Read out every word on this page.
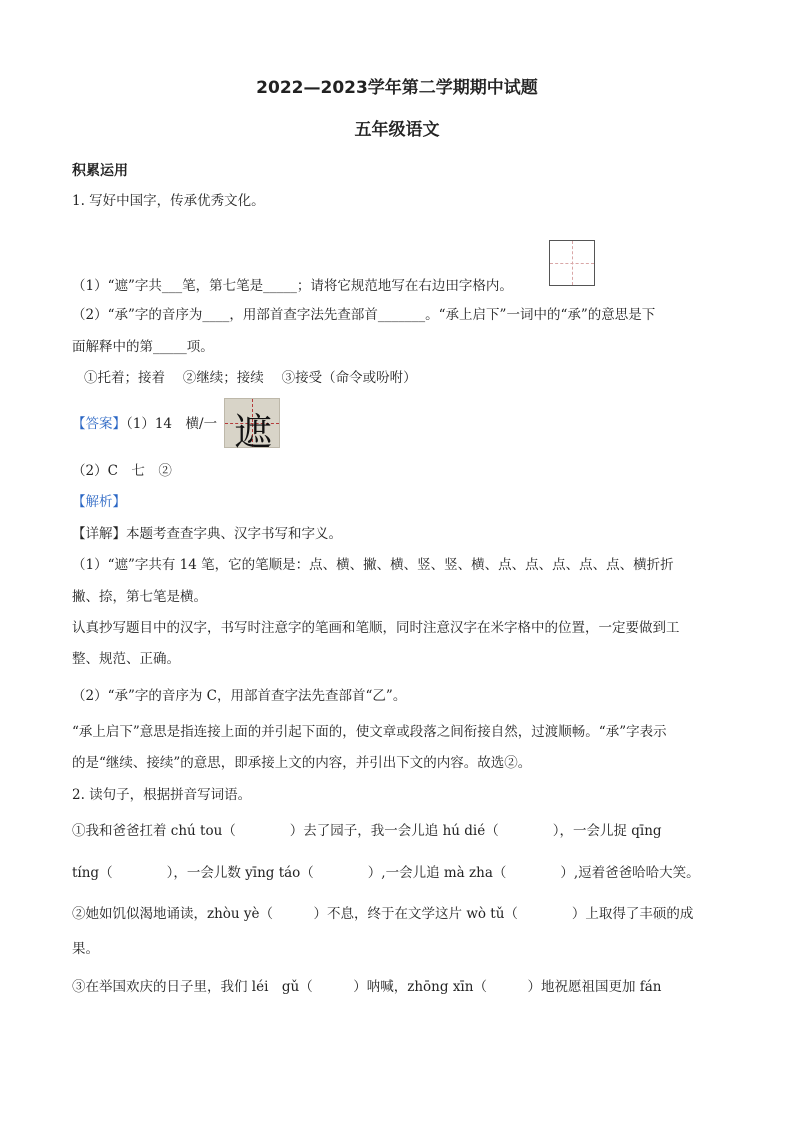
2022—2023学年第二学期期中试题
五年级语文
积累运用
1. 写好中国字，传承优秀文化。
（1）“遮”字共___笔，第七笔是_____；请将它规范地写在右边田字格内。
（2）“承”字的音序为____，用部首查字法先查部首_______。“承上启下”一词中的“承”的意思是下
面解释中的第_____项。
①托着；接着　 ②继续；接续　 ③接受（命令或吩咐）
【答案】（1）14　横/一 遮
（2）C　七　②
【解析】
【详解】本题考查查字典、汉字书写和字义。
（1）“遮”字共有 14 笔，它的笔顺是：点、横、撇、横、竖、竖、横、点、点、点、点、点、横折折
撇、捺，第七笔是横。
认真抄写题目中的汉字，书写时注意字的笔画和笔顺，同时注意汉字在米字格中的位置，一定要做到工
整、规范、正确。
（2）“承”字的音序为 C，用部首查字法先查部首“乙”。
“承上启下”意思是指连接上面的并引起下面的，使文章或段落之间衔接自然，过渡顺畅。“承”字表示
的是“继续、接续”的意思，即承接上文的内容，并引出下文的内容。故选②。
2. 读句子，根据拼音写词语。
①我和爸爸扛着 chú tou（　　　　）去了园子，我一会儿追 hú dié（　　　　），一会儿捉 qīng
tíng（　　　　），一会儿数 yīng táo（　　　　）,一会儿追 mà zha（　　　　）,逗着爸爸哈哈大笑。
②她如饥似渴地诵读，zhòu yè（　　　）不息，终于在文学这片 wò tǔ（　　　　）上取得了丰硕的成
果。
③在举国欢庆的日子里，我们 léi　gǔ（　　　）呐喊，zhōng xīn（　　　）地祝愿祖国更加 fán
